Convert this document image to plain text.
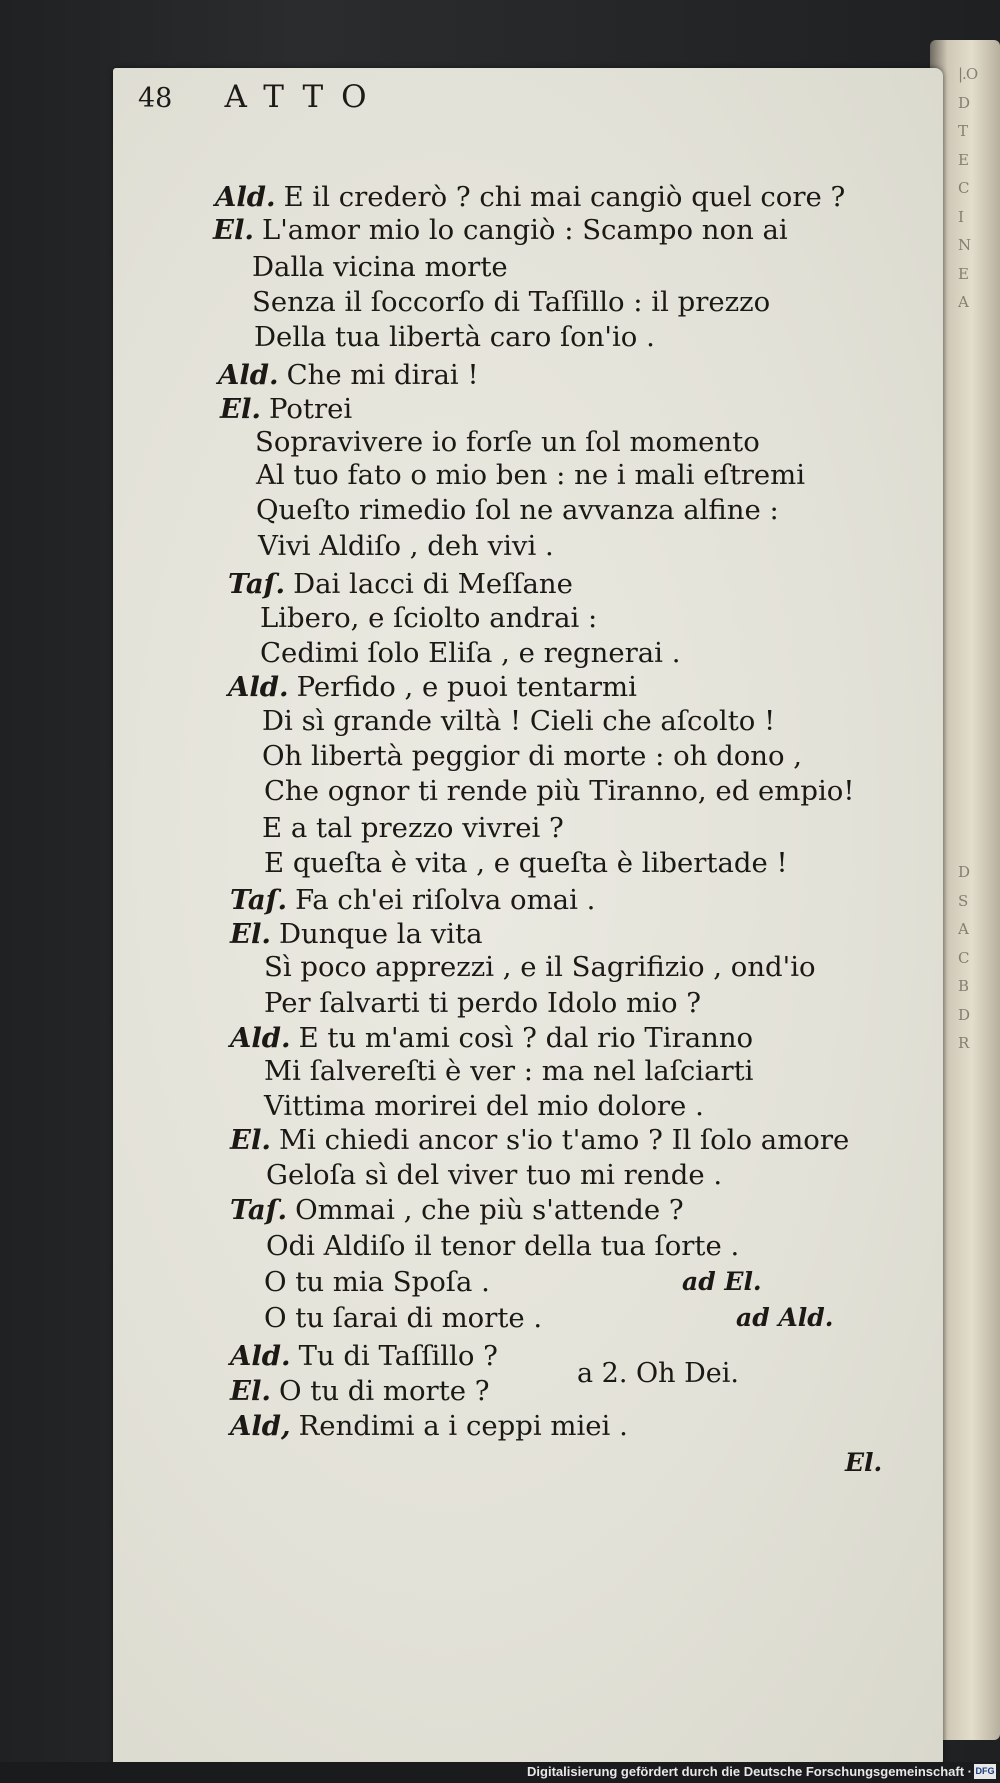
48 ATTO
Ald. E il crederò ? chi mai cangiò quel core ?
El. L'amor mio lo cangiò : Scampo non ai
Dalla vicina morte
Senza il ſoccorſo di Taſſillo : il prezzo
Della tua libertà caro ſon'io .
Ald. Che mi dirai !
El. Potrei
Sopravivere io forſe un ſol momento
Al tuo fato o mio ben : ne i mali eſtremi
Queſto rimedio ſol ne avvanza alfine :
Vivi Aldiſo , deh vivi .
Taſ. Dai lacci di Meſſane
Libero, e ſciolto andrai :
Cedimi ſolo Eliſa , e regnerai .
Ald. Perfido , e puoi tentarmi
Di sì grande viltà ! Cieli che aſcolto !
Oh libertà peggior di morte : oh dono ,
Che ognor ti rende più Tiranno, ed empio!
E a tal prezzo vivrei ?
E queſta è vita , e queſta è libertade !
Taſ. Fa ch'ei riſolva omai .
El. Dunque la vita
Sì poco apprezzi , e il Sagrifizio , ond'io
Per ſalvarti ti perdo Idolo mio ?
Ald. E tu m'ami così ? dal rio Tiranno
Mi ſalvereſti è ver : ma nel laſciarti
Vittima morirei del mio dolore .
El. Mi chiedi ancor s'io t'amo ? Il ſolo amore
Geloſa sì del viver tuo mi rende .
Taſ. Ommai , che più s'attende ?
Odi Aldiſo il tenor della tua ſorte .
O tu mia Spoſa .
O tu ſarai di morte .
Ald. Tu di Taſſillo ?
El. O tu di morte ?
Ald, Rendimi a i ceppi miei .
ad El.
ad Ald.
a 2. Oh Dei.
El.
|.O
D
T
E
C
I
N
E
A

D
S
A
C
B
D
R
Digitalisierung gefördert durch die Deutsche Forschungsgemeinschaft · DFG
